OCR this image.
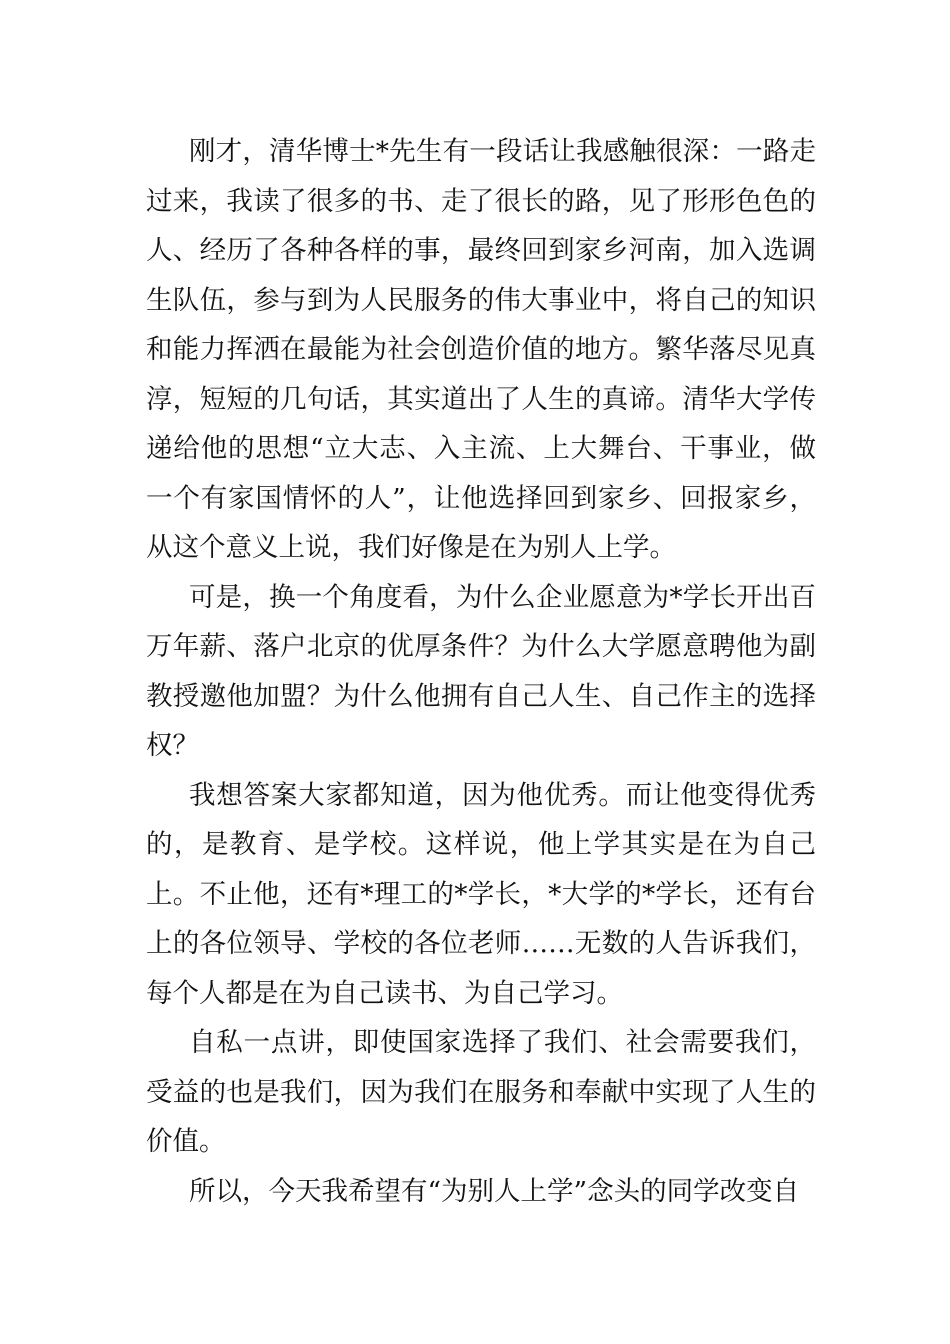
刚才，清华博士*先生有一段话让我感触很深：一路走过来，我读了很多的书、走了很长的路，见了形形色色的人、经历了各种各样的事，最终回到家乡河南，加入选调生队伍，参与到为人民服务的伟大事业中，将自己的知识和能力挥洒在最能为社会创造价值的地方。繁华落尽见真淳，短短的几句话，其实道出了人生的真谛。清华大学传递给他的思想“立大志、入主流、上大舞台、干事业，做一个有家国情怀的人”，让他选择回到家乡、回报家乡，从这个意义上说，我们好像是在为别人上学。

可是，换一个角度看，为什么企业愿意为*学长开出百万年薪、落户北京的优厚条件？为什么大学愿意聘他为副教授邀他加盟？为什么他拥有自己人生、自己作主的选择权？

我想答案大家都知道，因为他优秀。而让他变得优秀的，是教育、是学校。这样说，他上学其实是在为自己上。不止他，还有*理工的*学长，*大学的*学长，还有台上的各位领导、学校的各位老师……无数的人告诉我们，每个人都是在为自己读书、为自己学习。

自私一点讲，即使国家选择了我们、社会需要我们，受益的也是我们，因为我们在服务和奉献中实现了人生的价值。

所以，今天我希望有“为别人上学”念头的同学改变自
